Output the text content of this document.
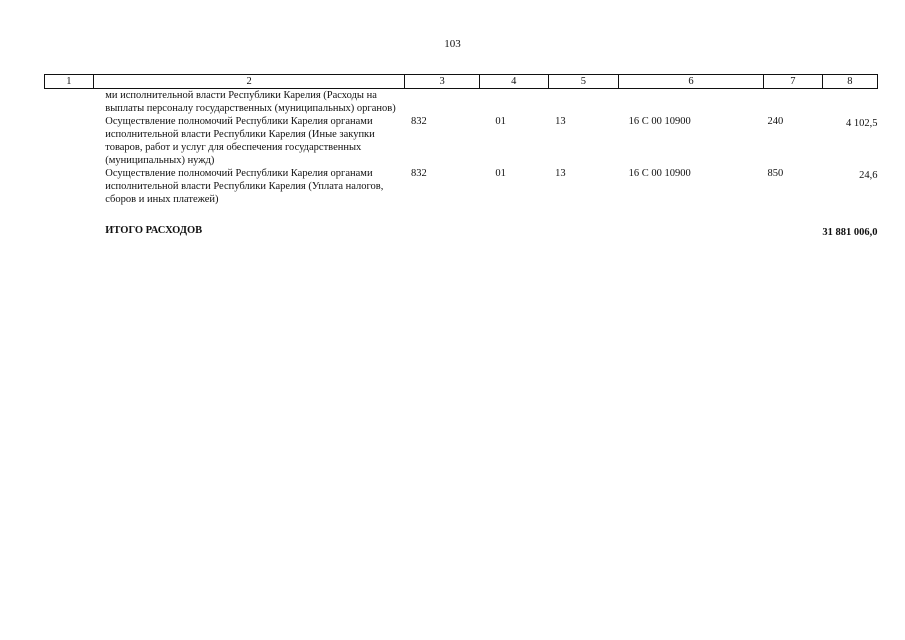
103
1	2	3	4	5	6	7	8
	ми исполнительной власти Республики Карелия (Расходы на выплаты персоналу государственных (муниципальных) органов)						
	Осуществление полномочий Республики Карелия органами исполнительной власти Республики Карелия (Иные закупки товаров, работ и услуг для обеспечения государственных (муниципальных) нужд)	832	01	13	16 С 00 10900	240	4 102,5
	Осуществление полномочий Республики Карелия органами исполнительной власти Республики Карелия (Уплата налогов, сборов и иных платежей)	832	01	13	16 С 00 10900	850	24,6

	ИТОГО РАСХОДОВ						31 881 006,0
